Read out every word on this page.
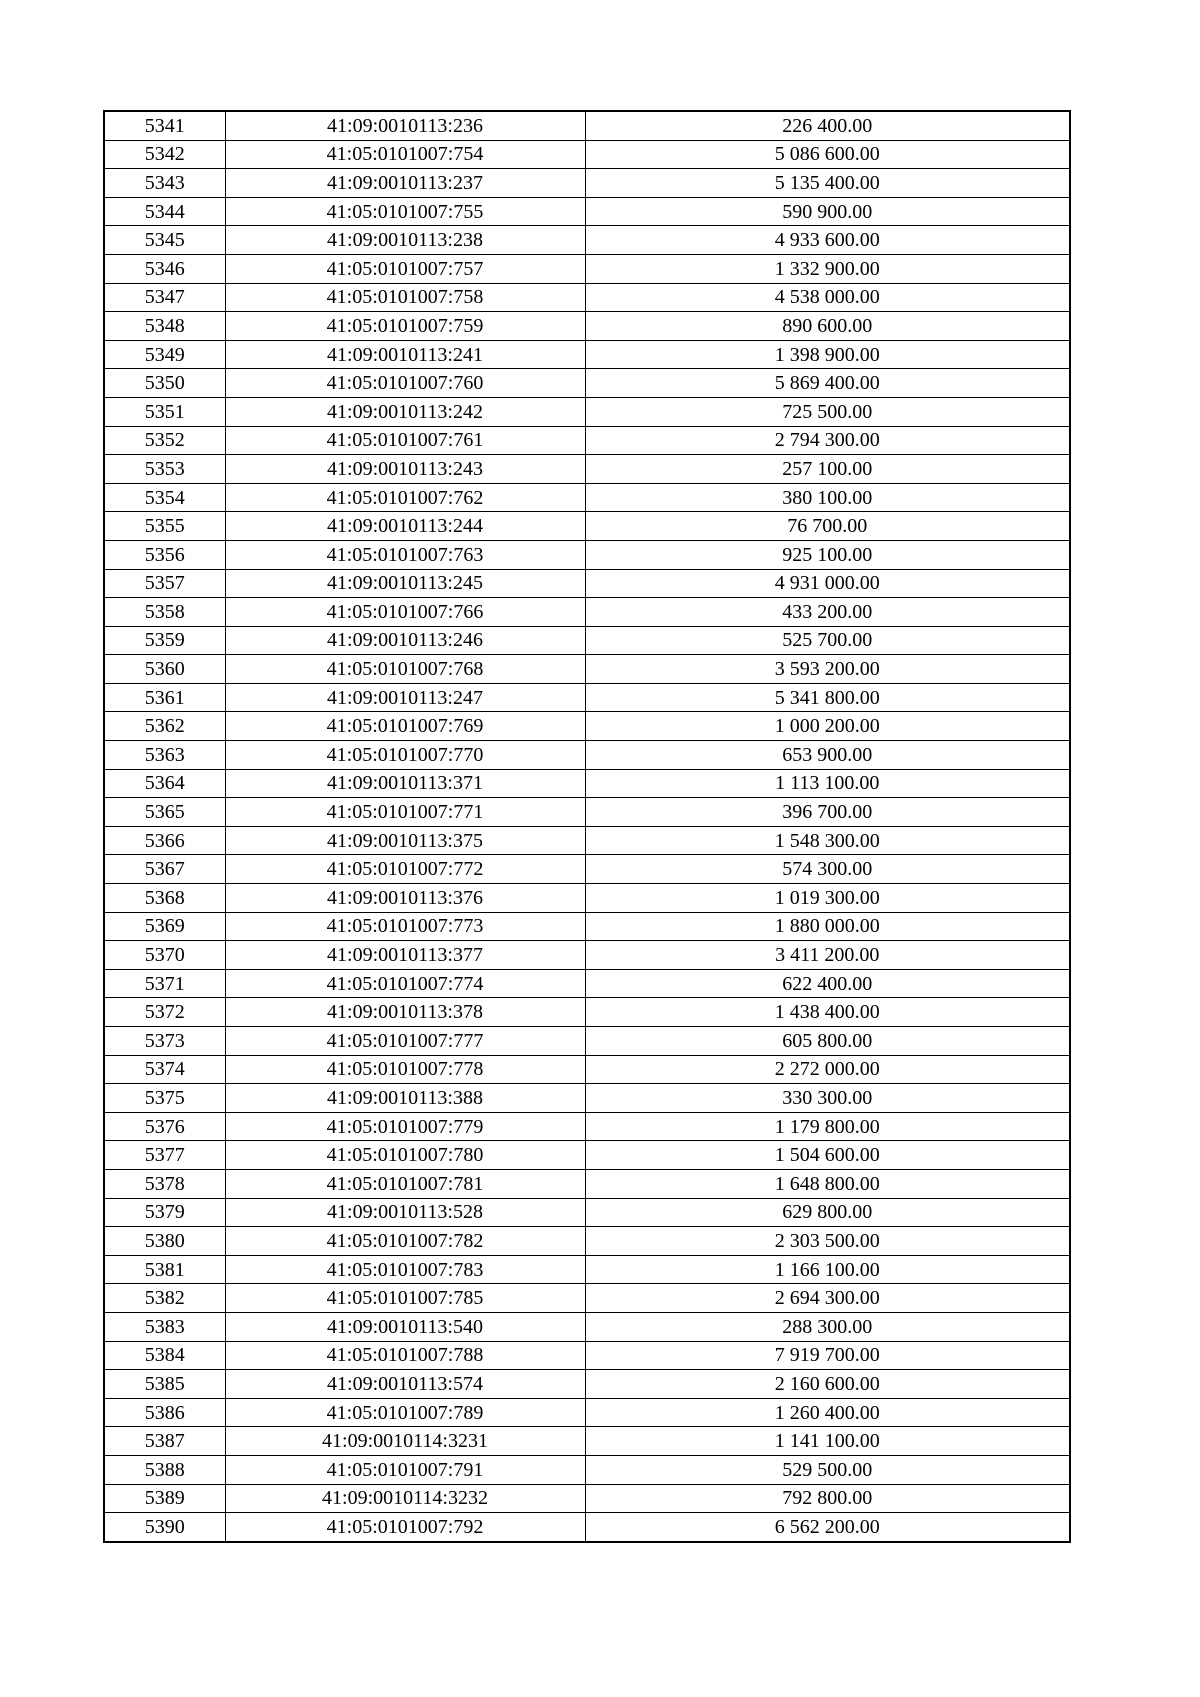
5341	41:09:0010113:236	226 400.00
5342	41:05:0101007:754	5 086 600.00
5343	41:09:0010113:237	5 135 400.00
5344	41:05:0101007:755	590 900.00
5345	41:09:0010113:238	4 933 600.00
5346	41:05:0101007:757	1 332 900.00
5347	41:05:0101007:758	4 538 000.00
5348	41:05:0101007:759	890 600.00
5349	41:09:0010113:241	1 398 900.00
5350	41:05:0101007:760	5 869 400.00
5351	41:09:0010113:242	725 500.00
5352	41:05:0101007:761	2 794 300.00
5353	41:09:0010113:243	257 100.00
5354	41:05:0101007:762	380 100.00
5355	41:09:0010113:244	76 700.00
5356	41:05:0101007:763	925 100.00
5357	41:09:0010113:245	4 931 000.00
5358	41:05:0101007:766	433 200.00
5359	41:09:0010113:246	525 700.00
5360	41:05:0101007:768	3 593 200.00
5361	41:09:0010113:247	5 341 800.00
5362	41:05:0101007:769	1 000 200.00
5363	41:05:0101007:770	653 900.00
5364	41:09:0010113:371	1 113 100.00
5365	41:05:0101007:771	396 700.00
5366	41:09:0010113:375	1 548 300.00
5367	41:05:0101007:772	574 300.00
5368	41:09:0010113:376	1 019 300.00
5369	41:05:0101007:773	1 880 000.00
5370	41:09:0010113:377	3 411 200.00
5371	41:05:0101007:774	622 400.00
5372	41:09:0010113:378	1 438 400.00
5373	41:05:0101007:777	605 800.00
5374	41:05:0101007:778	2 272 000.00
5375	41:09:0010113:388	330 300.00
5376	41:05:0101007:779	1 179 800.00
5377	41:05:0101007:780	1 504 600.00
5378	41:05:0101007:781	1 648 800.00
5379	41:09:0010113:528	629 800.00
5380	41:05:0101007:782	2 303 500.00
5381	41:05:0101007:783	1 166 100.00
5382	41:05:0101007:785	2 694 300.00
5383	41:09:0010113:540	288 300.00
5384	41:05:0101007:788	7 919 700.00
5385	41:09:0010113:574	2 160 600.00
5386	41:05:0101007:789	1 260 400.00
5387	41:09:0010114:3231	1 141 100.00
5388	41:05:0101007:791	529 500.00
5389	41:09:0010114:3232	792 800.00
5390	41:05:0101007:792	6 562 200.00
